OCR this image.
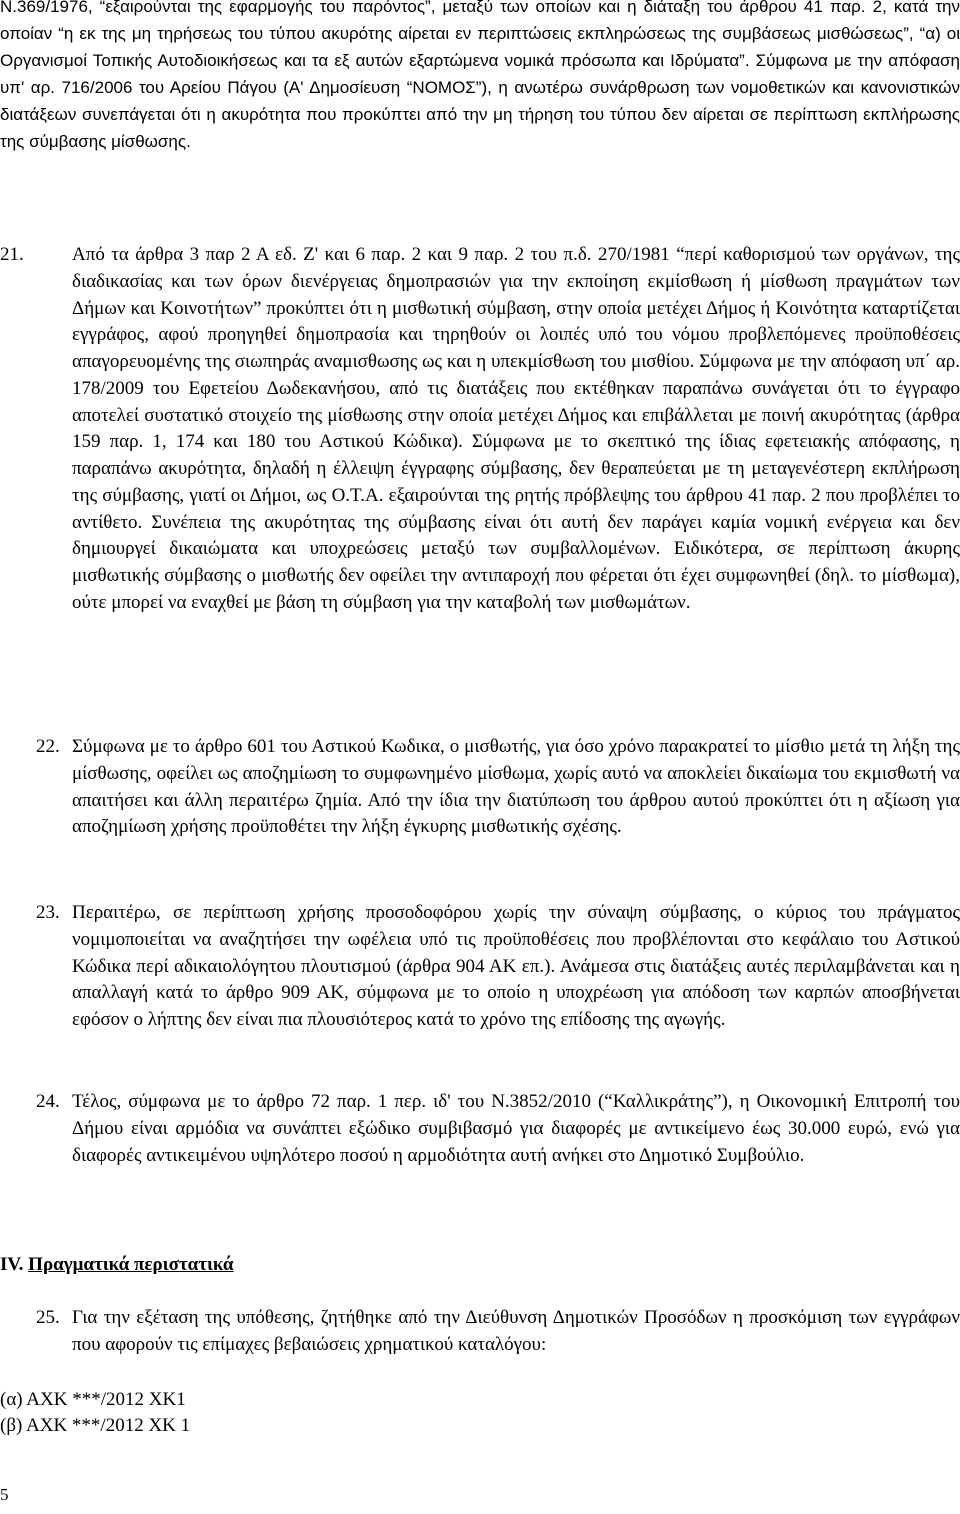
Ν.369/1976, “εξαιρούνται της εφαρμογής του παρόντος”, μεταξύ των οποίων και η διάταξη του άρθρου 41 παρ. 2, κατά την οποίαν “η εκ της μη τηρήσεως του τύπου ακυρότης αίρεται εν περιπτώσεις εκπληρώσεως της συμβάσεως μισθώσεως”, “α) οι Οργανισμοί Τοπικής Αυτοδιοικήσεως και τα εξ αυτών εξαρτώμενα νομικά πρόσωπα και Ιδρύματα”. Σύμφωνα με την απόφαση υπ' αρ. 716/2006 του Αρείου Πάγου (Α' Δημοσίευση “ΝΟΜΟΣ”), η ανωτέρω συνάρθρωση των νομοθετικών και κανονιστικών διατάξεων συνεπάγεται ότι η ακυρότητα που προκύπτει από την μη τήρηση του τύπου δεν αίρεται σε περίπτωση εκπλήρωσης της σύμβασης μίσθωσης.

21.	Από τα άρθρα 3 παρ 2 Α εδ. Ζ' και 6 παρ. 2 και 9 παρ. 2 του π.δ. 270/1981 “περί καθορισμού των οργάνων, της διαδικασίας και των όρων διενέργειας δημοπρασιών για την εκποίηση εκμίσθωση ή μίσθωση πραγμάτων των Δήμων και Κοινοτήτων” προκύπτει ότι η μισθωτική σύμβαση, στην οποία μετέχει Δήμος ή Κοινότητα καταρτίζεται εγγράφος, αφού προηγηθεί δημοπρασία και τηρηθούν οι λοιπές υπό του νόμου προβλεπόμενες προϋποθέσεις απαγορευομένης της σιωπηράς αναμισθωσης ως και η υπεκμίσθωση του μισθίου. Σύμφωνα με την απόφαση υπ΄ αρ. 178/2009 του Εφετείου Δωδεκανήσου, από τις διατάξεις που εκτέθηκαν παραπάνω συνάγεται ότι το έγγραφο αποτελεί συστατικό στοιχείο της μίσθωσης στην οποία μετέχει Δήμος και επιβάλλεται με ποινή ακυρότητας (άρθρα 159 παρ. 1, 174 και 180 του Αστικού Κώδικα). Σύμφωνα με το σκεπτικό της ίδιας εφετειακής απόφασης, η παραπάνω ακυρότητα, δηλαδή η έλλειψη έγγραφης σύμβασης, δεν θεραπεύεται με τη μεταγενέστερη εκπλήρωση της σύμβασης, γιατί οι Δήμοι, ως Ο.Τ.Α. εξαιρούνται της ρητής πρόβλεψης του άρθρου 41 παρ. 2 που προβλέπει το αντίθετο. Συνέπεια της ακυρότητας της σύμβασης είναι ότι αυτή δεν παράγει καμία νομική ενέργεια και δεν δημιουργεί δικαιώματα και υποχρεώσεις μεταξύ των συμβαλλομένων. Ειδικότερα, σε περίπτωση άκυρης μισθωτικής σύμβασης ο μισθωτής δεν οφείλει την αντιπαροχή που φέρεται ότι έχει συμφωνηθεί (δηλ. το μίσθωμα), ούτε μπορεί να εναχθεί με βάση τη σύμβαση για την καταβολή των μισθωμάτων.

22. Σύμφωνα με το άρθρο 601 του Αστικού Κωδικα, ο μισθωτής, για όσο χρόνο παρακρατεί το μίσθιο μετά τη λήξη της μίσθωσης, οφείλει ως αποζημίωση το συμφωνημένο μίσθωμα, χωρίς αυτό να αποκλείει δικαίωμα του εκμισθωτή να απαιτήσει και άλλη περαιτέρω ζημία. Από την ίδια την διατύπωση του άρθρου αυτού προκύπτει ότι η αξίωση για αποζημίωση χρήσης προϋποθέτει την λήξη έγκυρης μισθωτικής σχέσης.

23. Περαιτέρω, σε περίπτωση χρήσης προσοδοφόρου χωρίς την σύναψη σύμβασης, ο κύριος του πράγματος νομιμοποιείται να αναζητήσει την ωφέλεια υπό τις προϋποθέσεις που προβλέπονται στο κεφάλαιο του Αστικού Κώδικα περί αδικαιολόγητου πλουτισμού (άρθρα 904 ΑΚ επ.). Ανάμεσα στις διατάξεις αυτές περιλαμβάνεται και η απαλλαγή κατά το άρθρο 909 ΑΚ, σύμφωνα με το οποίο η υποχρέωση για απόδοση των καρπών αποσβήνεται εφόσον ο λήπτης δεν είναι πια πλουσιότερος κατά το χρόνο της επίδοσης της αγωγής.

24. Τέλος, σύμφωνα με το άρθρο 72 παρ. 1 περ. ιδ' του Ν.3852/2010 (“Καλλικράτης”), η Οικονομική Επιτροπή του Δήμου είναι αρμόδια να συνάπτει εξώδικο συμβιβασμό για διαφορές με αντικείμενο έως 30.000 ευρώ, ενώ για διαφορές αντικειμένου υψηλότερο ποσού η αρμοδιότητα αυτή ανήκει στο Δημοτικό Συμβούλιο.

IV. Πραγματικά περιστατικά
25. Για την εξέταση της υπόθεσης, ζητήθηκε από την Διεύθυνση Δημοτικών Προσόδων η προσκόμιση των εγγράφων που αφορούν τις επίμαχες βεβαιώσεις χρηματικού καταλόγου:

(α) ΑΧΚ ***/2012 ΧΚ1
(β) ΑΧΚ ***/2012 ΧΚ 1
5
